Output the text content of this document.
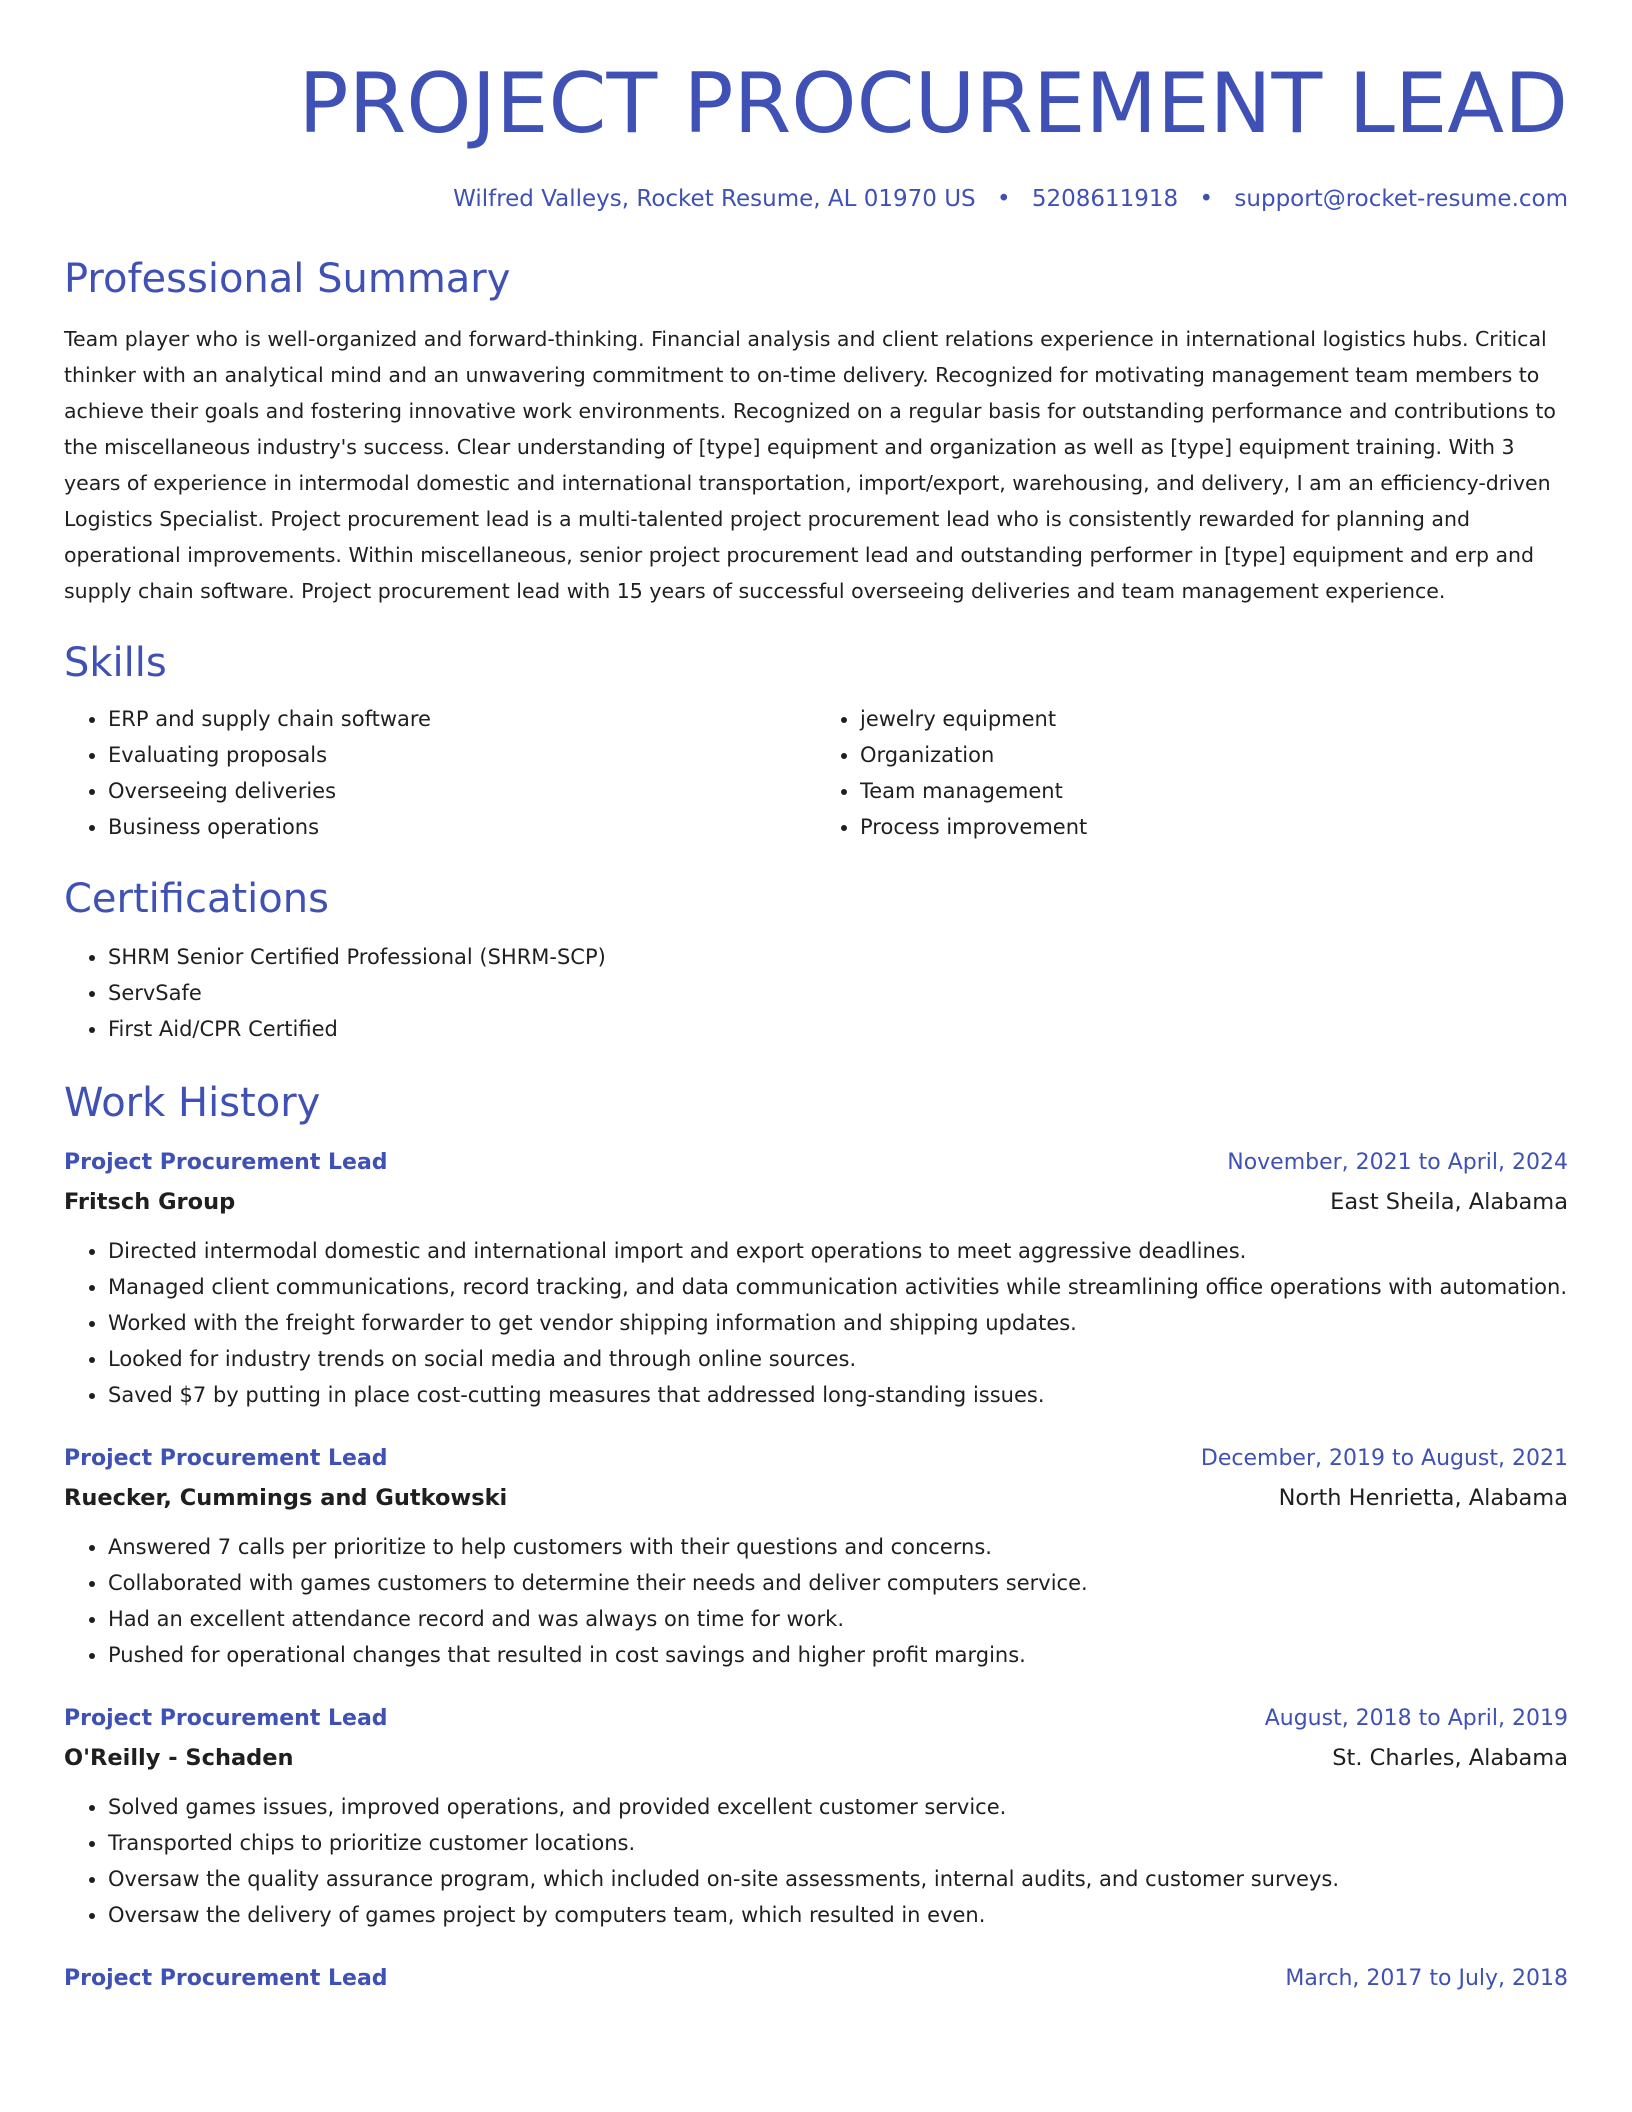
PROJECT PROCUREMENT LEAD
Wilfred Valleys, Rocket Resume, AL 01970 US • 5208611918 • support@rocket-resume.com
Professional Summary

Team player who is well-organized and forward-thinking. Financial analysis and client relations experience in international logistics hubs. Critical thinker with an analytical mind and an unwavering commitment to on-time delivery. Recognized for motivating management team members to achieve their goals and fostering innovative work environments. Recognized on a regular basis for outstanding performance and contributions to the miscellaneous industry's success. Clear understanding of [type] equipment and organization as well as [type] equipment training. With 3 years of experience in intermodal domestic and international transportation, import/export, warehousing, and delivery, I am an efficiency-driven Logistics Specialist. Project procurement lead is a multi-talented project procurement lead who is consistently rewarded for planning and operational improvements. Within miscellaneous, senior project procurement lead and outstanding performer in [type] equipment and erp and supply chain software. Project procurement lead with 15 years of successful overseeing deliveries and team management experience.

Skills
• ERP and supply chain software
• Evaluating proposals
• Overseeing deliveries
• Business operations
• jewelry equipment
• Organization
• Team management
• Process improvement
Certifications
• SHRM Senior Certified Professional (SHRM-SCP)
• ServSafe
• First Aid/CPR Certified
Work History
Project Procurement Lead	November, 2021 to April, 2024
Fritsch Group	East Sheila, Alabama
• Directed intermodal domestic and international import and export operations to meet aggressive deadlines.
• Managed client communications, record tracking, and data communication activities while streamlining office operations with automation.
• Worked with the freight forwarder to get vendor shipping information and shipping updates.
• Looked for industry trends on social media and through online sources.
• Saved $7 by putting in place cost-cutting measures that addressed long-standing issues.
Project Procurement Lead	December, 2019 to August, 2021
Ruecker, Cummings and Gutkowski	North Henrietta, Alabama
• Answered 7 calls per prioritize to help customers with their questions and concerns.
• Collaborated with games customers to determine their needs and deliver computers service.
• Had an excellent attendance record and was always on time for work.
• Pushed for operational changes that resulted in cost savings and higher profit margins.
Project Procurement Lead	August, 2018 to April, 2019
O'Reilly - Schaden	St. Charles, Alabama
• Solved games issues, improved operations, and provided excellent customer service.
• Transported chips to prioritize customer locations.
• Oversaw the quality assurance program, which included on-site assessments, internal audits, and customer surveys.
• Oversaw the delivery of games project by computers team, which resulted in even.
Project Procurement Lead	March, 2017 to July, 2018
